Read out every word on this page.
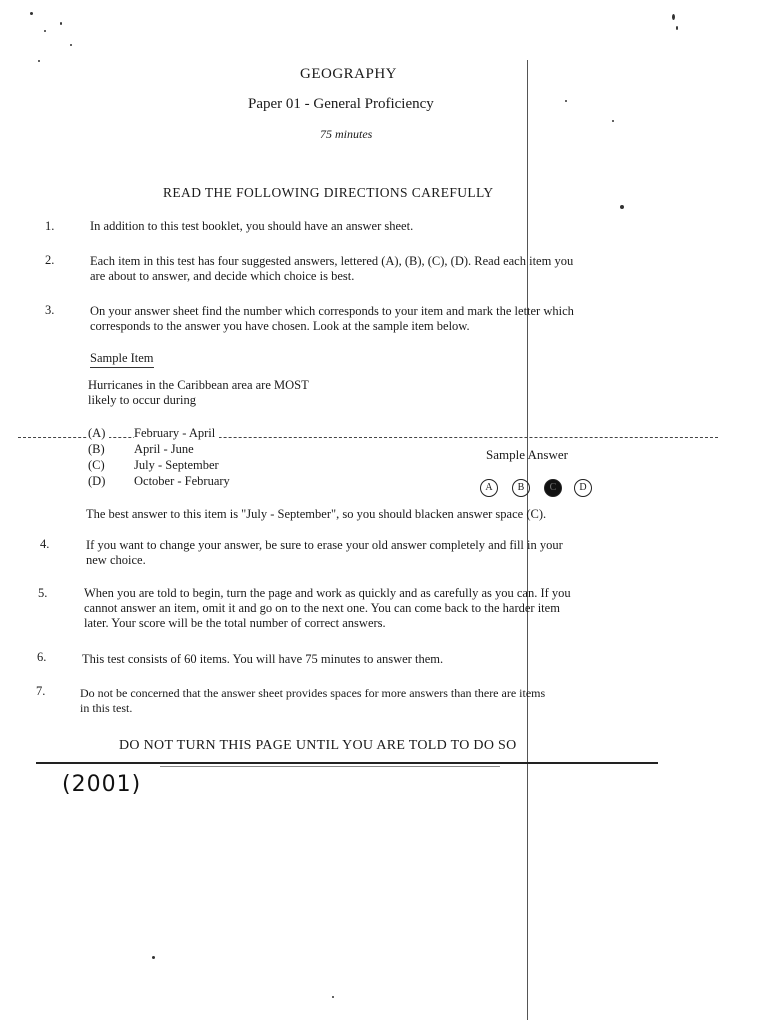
GEOGRAPHY
Paper 01 - General Proficiency
75 minutes
READ THE FOLLOWING DIRECTIONS CAREFULLY
1.	In addition to this test booklet, you should have an answer sheet.
2.	Each item in this test has four suggested answers, lettered (A), (B), (C), (D). Read each item you
are about to answer, and decide which choice is best.
3.	On your answer sheet find the number which corresponds to your item and mark the letter which
corresponds to the answer you have chosen. Look at the sample item below.
Sample Item
Hurricanes in the Caribbean area are MOST
likely to occur during
(A)	February - April
(B) April - June
(C) July - September
(D) October - February
Sample Answer
A	B	C	D
The best answer to this item is "July - September", so you should blacken answer space (C).
4.	If you want to change your answer, be sure to erase your old answer completely and fill in your
new choice.
5.	When you are told to begin, turn the page and work as quickly and as carefully as you can. If you
cannot answer an item, omit it and go on to the next one. You can come back to the harder item
later. Your score will be the total number of correct answers.
6.	This test consists of 60 items. You will have 75 minutes to answer them.
7.	Do not be concerned that the answer sheet provides spaces for more answers than there are items
in this test.
DO NOT TURN THIS PAGE UNTIL YOU ARE TOLD TO DO SO
(2001)
